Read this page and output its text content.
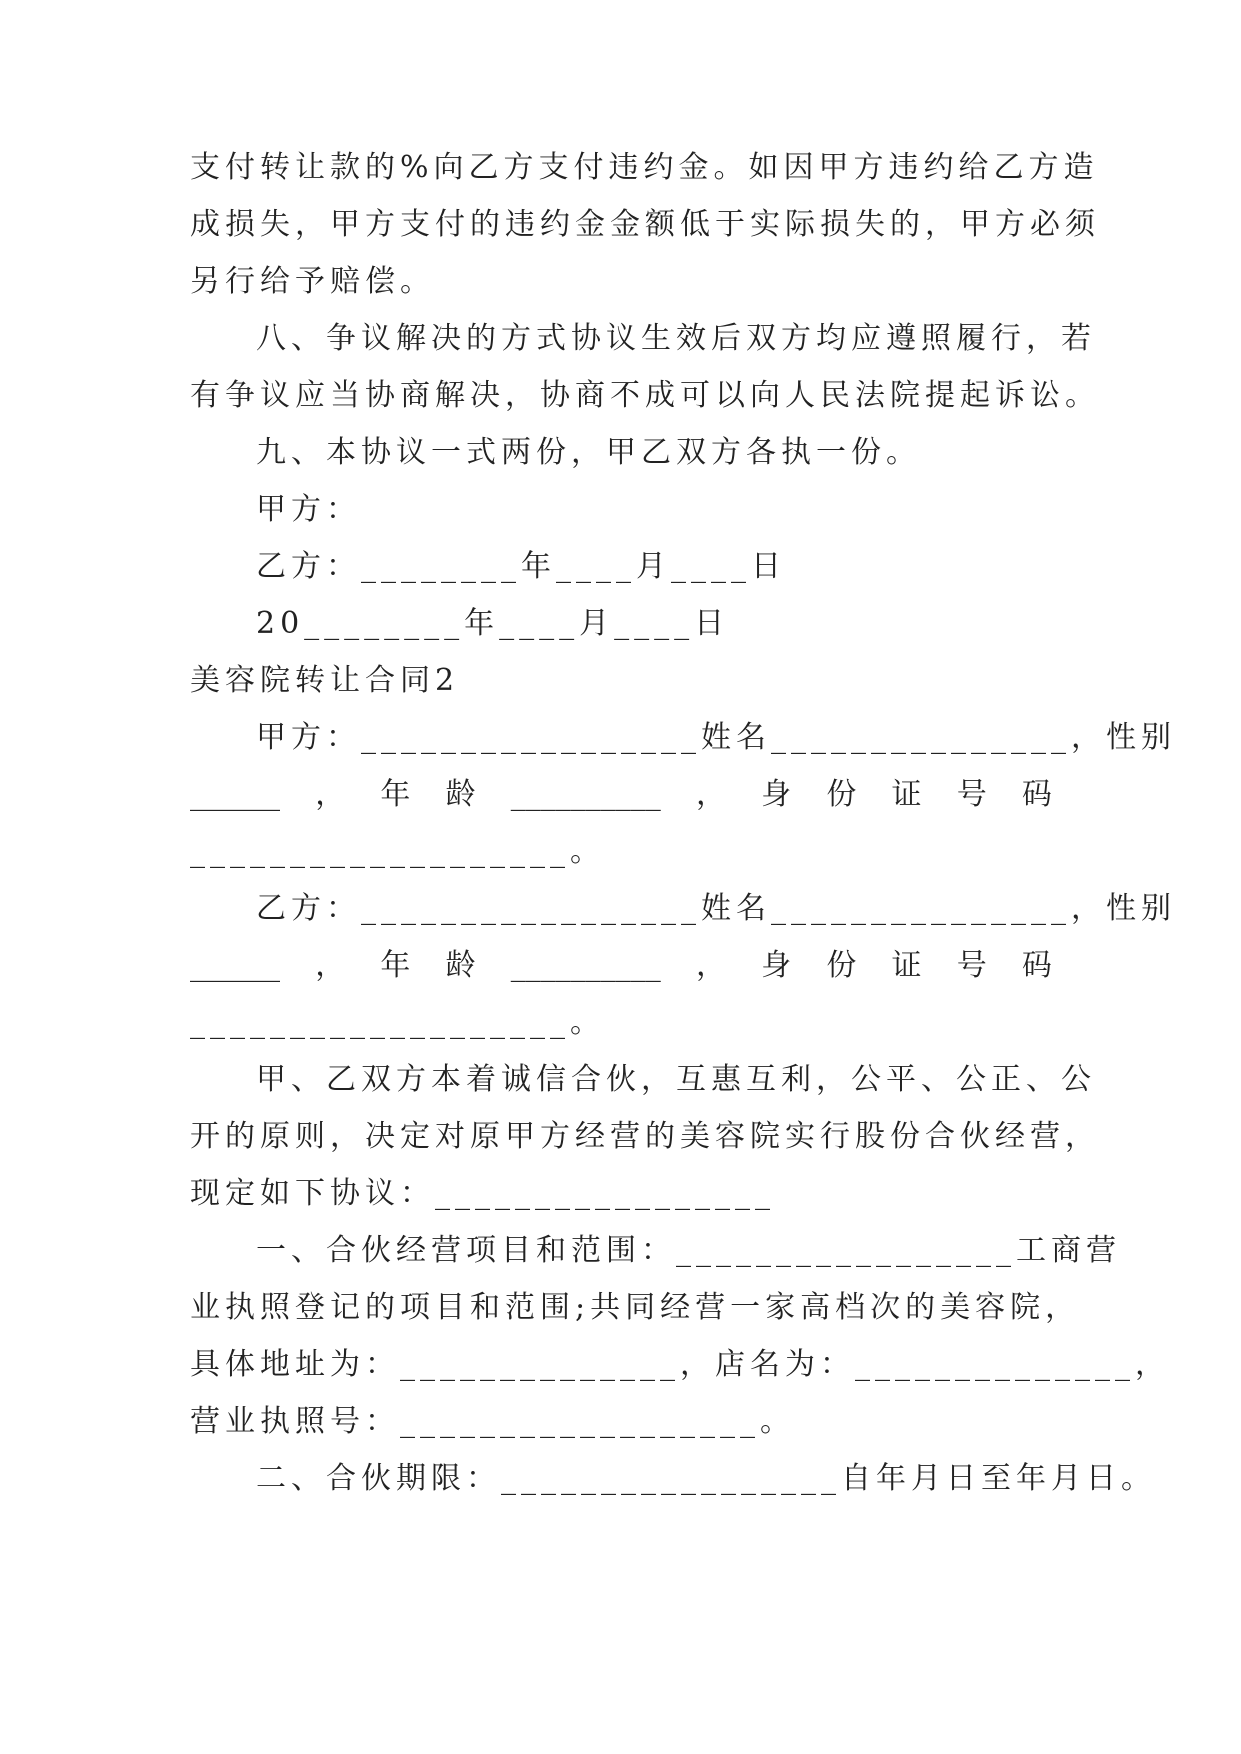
支付转让款的%向乙方支付违约金。如因甲方违约给乙方造
成损失，甲方支付的违约金金额低于实际损失的，甲方必须
另行给予赔偿。
八、争议解决的方式协议生效后双方均应遵照履行，若
有争议应当协商解决，协商不成可以向人民法院提起诉讼。
九、本协议一式两份，甲乙双方各执一份。
甲方：
乙方：________年____月____日
20________年____月____日
美容院转让合同2
甲方：_________________姓名_______________，性别
______ ， 年 龄 __________ ， 身 份 证 号 码
___________________。
乙方：_________________姓名_______________，性别
______ ， 年 龄 __________ ， 身 份 证 号 码
___________________。
甲、乙双方本着诚信合伙，互惠互利，公平、公正、公
开的原则，决定对原甲方经营的美容院实行股份合伙经营，
现定如下协议：_________________
一、合伙经营项目和范围：_________________工商营
业执照登记的项目和范围;共同经营一家高档次的美容院，
具体地址为：______________，店名为：______________，
营业执照号：__________________。
二、合伙期限：_________________自年月日至年月日。
